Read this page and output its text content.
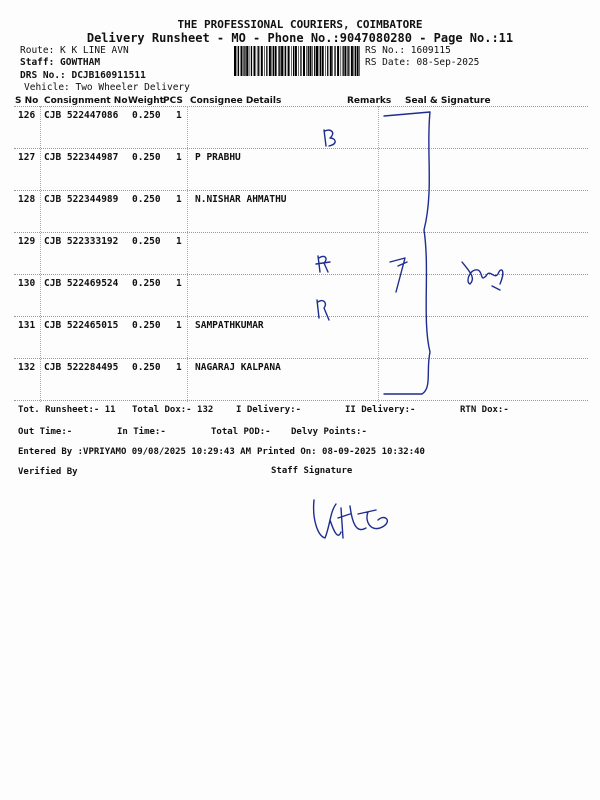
THE PROFESSIONAL COURIERS, COIMBATORE
Delivery Runsheet - MO - Phone No.:9047080280 - Page No.:11
Route: K K LINE AVN
Staff: GOWTHAM
DRS No.: DCJB160911511
Vehicle: Two Wheeler Delivery
RS No.: 1609115
RS Date: 08-Sep-2025
S No Consignment No Weight PCS Consignee Details	Remarks Seal & Signature
126 CJB 522447086 0.250 1
127 CJB 522344987 0.250 1 P PRABHU
128 CJB 522344989 0.250 1 N.NISHAR AHMATHU
129 CJB 522333192 0.250 1
130 CJB 522469524 0.250 1
131 CJB 522465015 0.250 1 SAMPATHKUMAR
132 CJB 522284495 0.250 1 NAGARAJ KALPANA
Tot. Runsheet:- 11 Total Dox:- 132	I Delivery:-	II Delivery:-	RTN Dox:-
Out Time:-	In Time:-	Total POD:- Delvy Points:-
Entered By :VPRIYAMO 09/08/2025 10:29:43 AM Printed On: 08-09-2025 10:32:40
Verified By	Staff Signature
